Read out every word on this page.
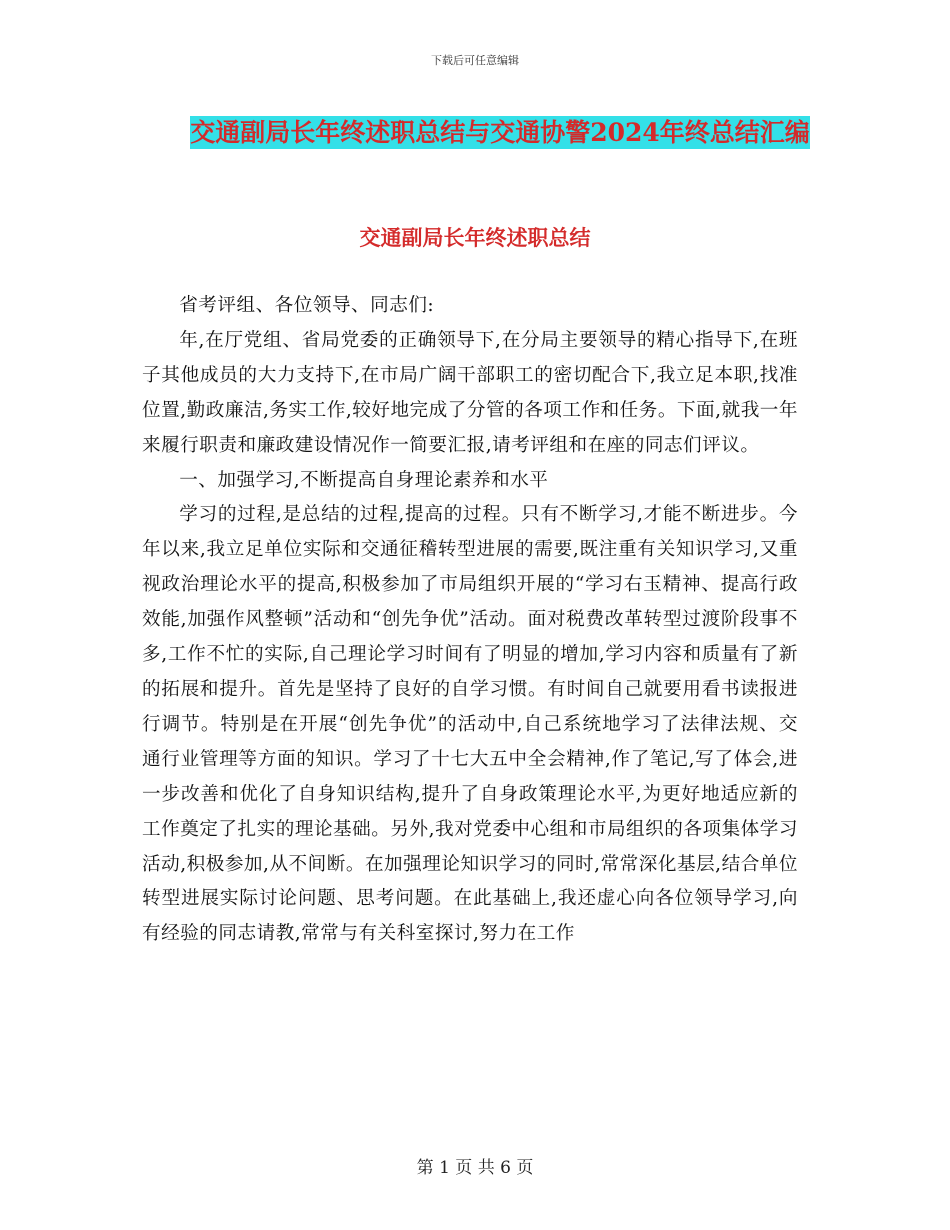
下载后可任意编辑
交通副局长年终述职总结与交通协警2024年终总结汇编
交通副局长年终述职总结

省考评组、各位领导、同志们:

年,在厅党组、省局党委的正确领导下,在分局主要领导的精心指导下,在班子其他成员的大力支持下,在市局广阔干部职工的密切配合下,我立足本职,找准位置,勤政廉洁,务实工作,较好地完成了分管的各项工作和任务。下面,就我一年来履行职责和廉政建设情况作一简要汇报,请考评组和在座的同志们评议。

一、加强学习,不断提高自身理论素养和水平

学习的过程,是总结的过程,提高的过程。只有不断学习,才能不断进步。今年以来,我立足单位实际和交通征稽转型进展的需要,既注重有关知识学习,又重视政治理论水平的提高,积极参加了市局组织开展的“学习右玉精神、提高行政效能,加强作风整顿”活动和“创先争优”活动。面对税费改革转型过渡阶段事不多,工作不忙的实际,自己理论学习时间有了明显的增加,学习内容和质量有了新的拓展和提升。首先是坚持了良好的自学习惯。有时间自己就要用看书读报进行调节。特别是在开展“创先争优”的活动中,自己系统地学习了法律法规、交通行业管理等方面的知识。学习了十七大五中全会精神,作了笔记,写了体会,进一步改善和优化了自身知识结构,提升了自身政策理论水平,为更好地适应新的工作奠定了扎实的理论基础。另外,我对党委中心组和市局组织的各项集体学习活动,积极参加,从不间断。在加强理论知识学习的同时,常常深化基层,结合单位转型进展实际讨论问题、思考问题。在此基础上,我还虚心向各位领导学习,向有经验的同志请教,常常与有关科室探讨,努力在工作

第 1 页 共 6 页
